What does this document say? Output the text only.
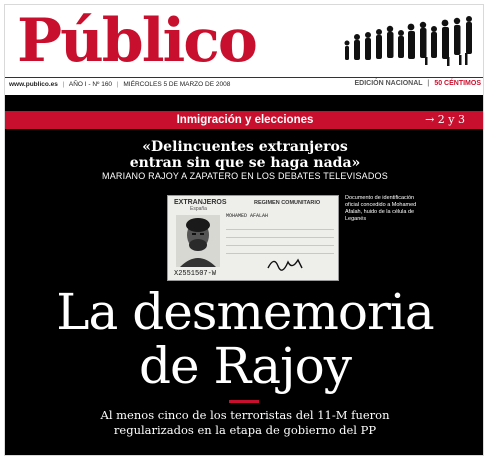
Público
www.publico.es | AÑO I - Nº 160 | MIÉRCOLES 5 DE MARZO DE 2008	EDICIÓN NACIONAL | 50 CÉNTIMOS
Inmigración y elecciones	→ 2 y 3
«Delincuentes extranjeros
entran sin que se haga nada»
MARIANO RAJOY A ZAPATERO EN LOS DEBATES TELEVISADOS
EXTRANJEROS
España
REGIMEN COMUNITARIO
MOHAMED AFALAH
X2551507-W
Documento de identificación oficial concedido a Mohamed Afalah, huido de la célula de Leganés
La desmemoria
de Rajoy
Al menos cinco de los terroristas del 11-M fueron
regularizados en la etapa de gobierno del PP
